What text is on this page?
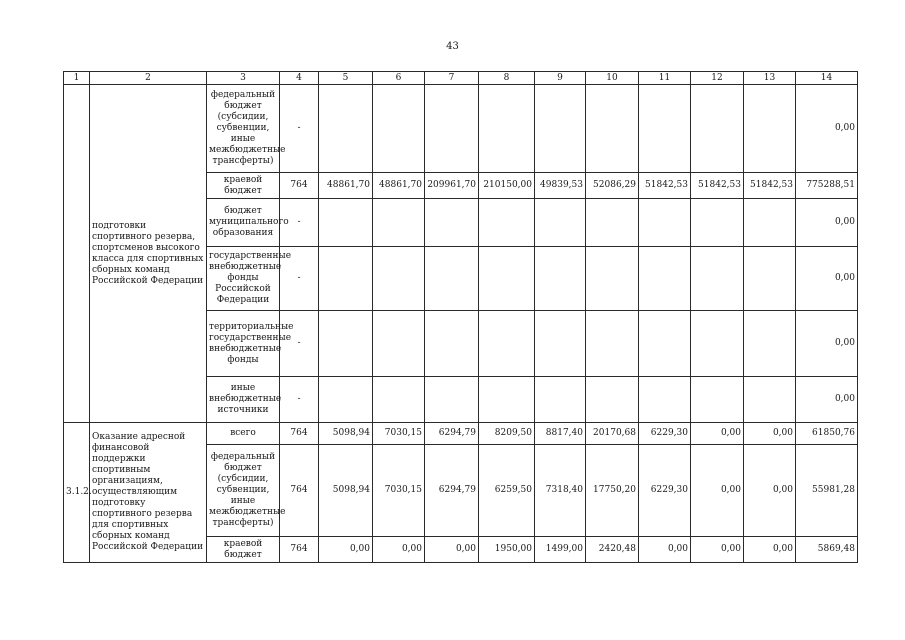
43
1	2	3	4	5	6	7	8	9	10	11	12	13	14
	подготовки спортивного резерва, спортсменов высокого класса для спортивных сборных команд Российской Федерации	федеральный бюджет (субсидии, субвенции, иные межбюджетные трансферты)	-										0,00
		краевой бюджет	764	48861,70	48861,70	209961,70	210150,00	49839,53	52086,29	51842,53	51842,53	51842,53	775288,51
		бюджет муниципального образования	-										0,00
		государственные внебюджетные фонды Российской Федерации	-										0,00
		территориальные государственные внебюджетные фонды	-										0,00
		иные внебюджетные источники	-										0,00
3.1.2.	Оказание адресной финансовой поддержки спортивным организациям, осуществляющим подготовку спортивного резерва для спортивных сборных команд Российской Федерации	всего	764	5098,94	7030,15	6294,79	8209,50	8817,40	20170,68	6229,30	0,00	0,00	61850,76
		федеральный бюджет (субсидии, субвенции, иные межбюджетные трансферты)	764	5098,94	7030,15	6294,79	6259,50	7318,40	17750,20	6229,30	0,00	0,00	55981,28
		краевой бюджет	764	0,00	0,00	0,00	1950,00	1499,00	2420,48	0,00	0,00	0,00	5869,48
